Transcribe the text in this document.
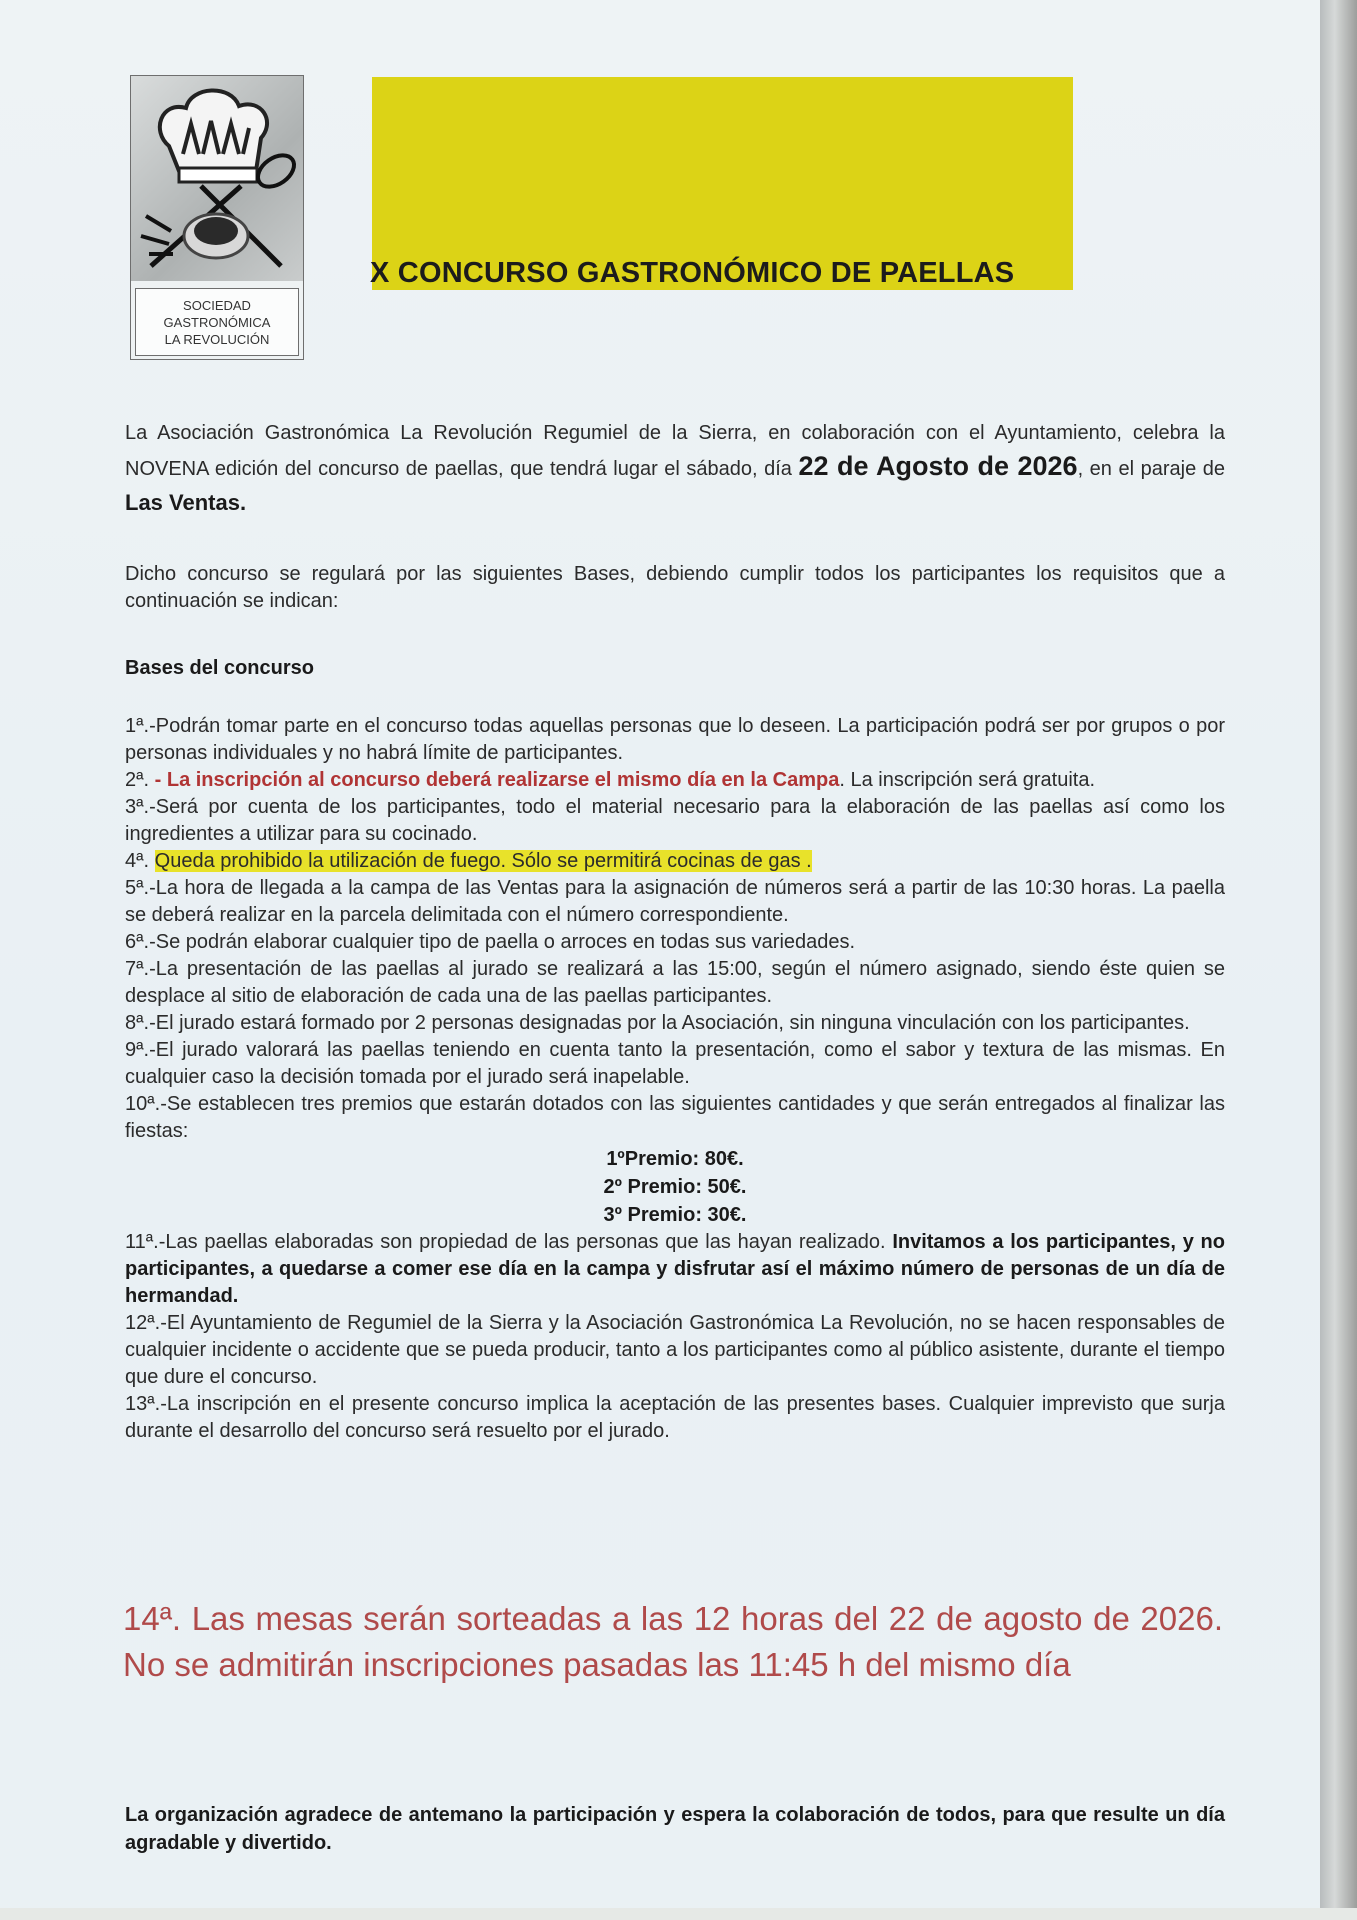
SOCIEDAD
GASTRONÓMICA
LA REVOLUCIÓN
X CONCURSO GASTRONÓMICO DE PAELLAS
La Asociación Gastronómica La Revolución Regumiel de la Sierra, en colaboración con el Ayuntamiento, celebra la NOVENA edición del concurso de paellas, que tendrá lugar el sábado, día 22 de Agosto de 2026, en el paraje de Las Ventas.
Dicho concurso se regulará por las siguientes Bases, debiendo cumplir todos los participantes los requisitos que a continuación se indican:
Bases del concurso

1ª.-Podrán tomar parte en el concurso todas aquellas personas que lo deseen. La participación podrá ser por grupos o por personas individuales y no habrá límite de participantes.

2ª. - La inscripción al concurso deberá realizarse el mismo día en la Campa. La inscripción será gratuita.

3ª.-Será por cuenta de los participantes, todo el material necesario para la elaboración de las paellas así como los ingredientes a utilizar para su cocinado.

4ª. Queda prohibido la utilización de fuego. Sólo se permitirá cocinas de gas .

5ª.-La hora de llegada a la campa de las Ventas para la asignación de números será a partir de las 10:30 horas. La paella se deberá realizar en la parcela delimitada con el número correspondiente.

6ª.-Se podrán elaborar cualquier tipo de paella o arroces en todas sus variedades.

7ª.-La presentación de las paellas al jurado se realizará a las 15:00, según el número asignado, siendo éste quien se desplace al sitio de elaboración de cada una de las paellas participantes.

8ª.-El jurado estará formado por 2 personas designadas por la Asociación, sin ninguna vinculación con los participantes.

9ª.-El jurado valorará las paellas teniendo en cuenta tanto la presentación, como el sabor y textura de las mismas. En cualquier caso la decisión tomada por el jurado será inapelable.

10ª.-Se establecen tres premios que estarán dotados con las siguientes cantidades y que serán entregados al finalizar las fiestas:

1ºPremio: 80€.

2º Premio: 50€.

3º Premio: 30€.

11ª.-Las paellas elaboradas son propiedad de las personas que las hayan realizado. Invitamos a los participantes, y no participantes, a quedarse a comer ese día en la campa y disfrutar así el máximo número de personas de un día de hermandad.

12ª.-El Ayuntamiento de Regumiel de la Sierra y la Asociación Gastronómica La Revolución, no se hacen responsables de cualquier incidente o accidente que se pueda producir, tanto a los participantes como al público asistente, durante el tiempo que dure el concurso.

13ª.-La inscripción en el presente concurso implica la aceptación de las presentes bases. Cualquier imprevisto que surja durante el desarrollo del concurso será resuelto por el jurado.

14ª. Las mesas serán sorteadas a las 12 horas del 22 de agosto de 2026. No se admitirán inscripciones pasadas las 11:45 h del mismo día
La organización agradece de antemano la participación y espera la colaboración de todos, para que resulte un día agradable y divertido.
